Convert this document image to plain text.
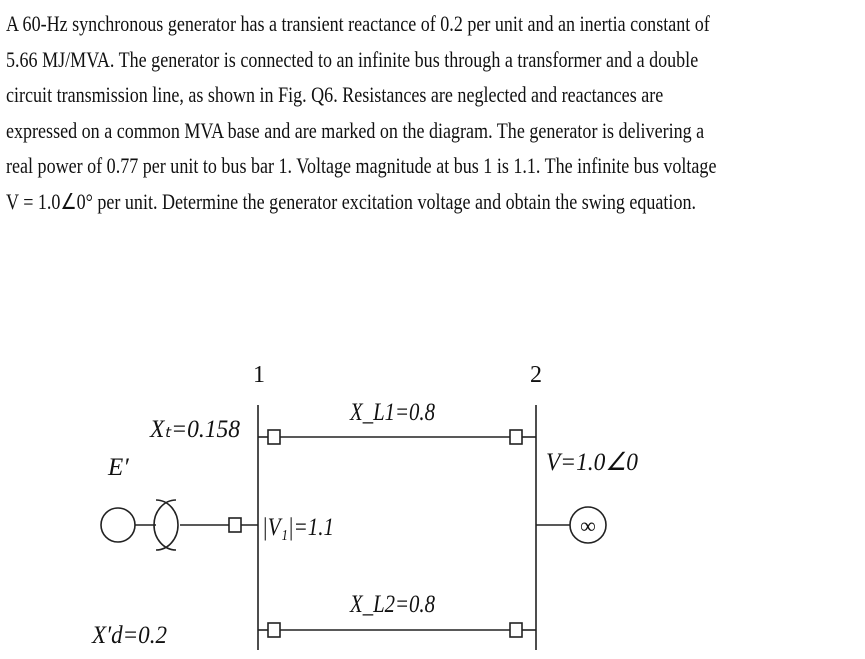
A 60-Hz synchronous generator has a transient reactance of 0.2 per unit and an inertia constant of
5.66 MJ/MVA. The generator is connected to an infinite bus through a transformer and a double
circuit transmission line, as shown in Fig. Q6. Resistances are neglected and reactances are
expressed on a common MVA base and are marked on the diagram. The generator is delivering a
real power of 0.77 per unit to bus bar 1. Voltage magnitude at bus 1 is 1.1. The infinite bus voltage
V = 1.0∠0° per unit. Determine the generator excitation voltage and obtain the swing equation.
∞
1	2
Xₜ=0.158
X_L1=0.8
X_L2=0.8
E′
X′d=0.2
|V₁|=1.1
V=1.0∠0
